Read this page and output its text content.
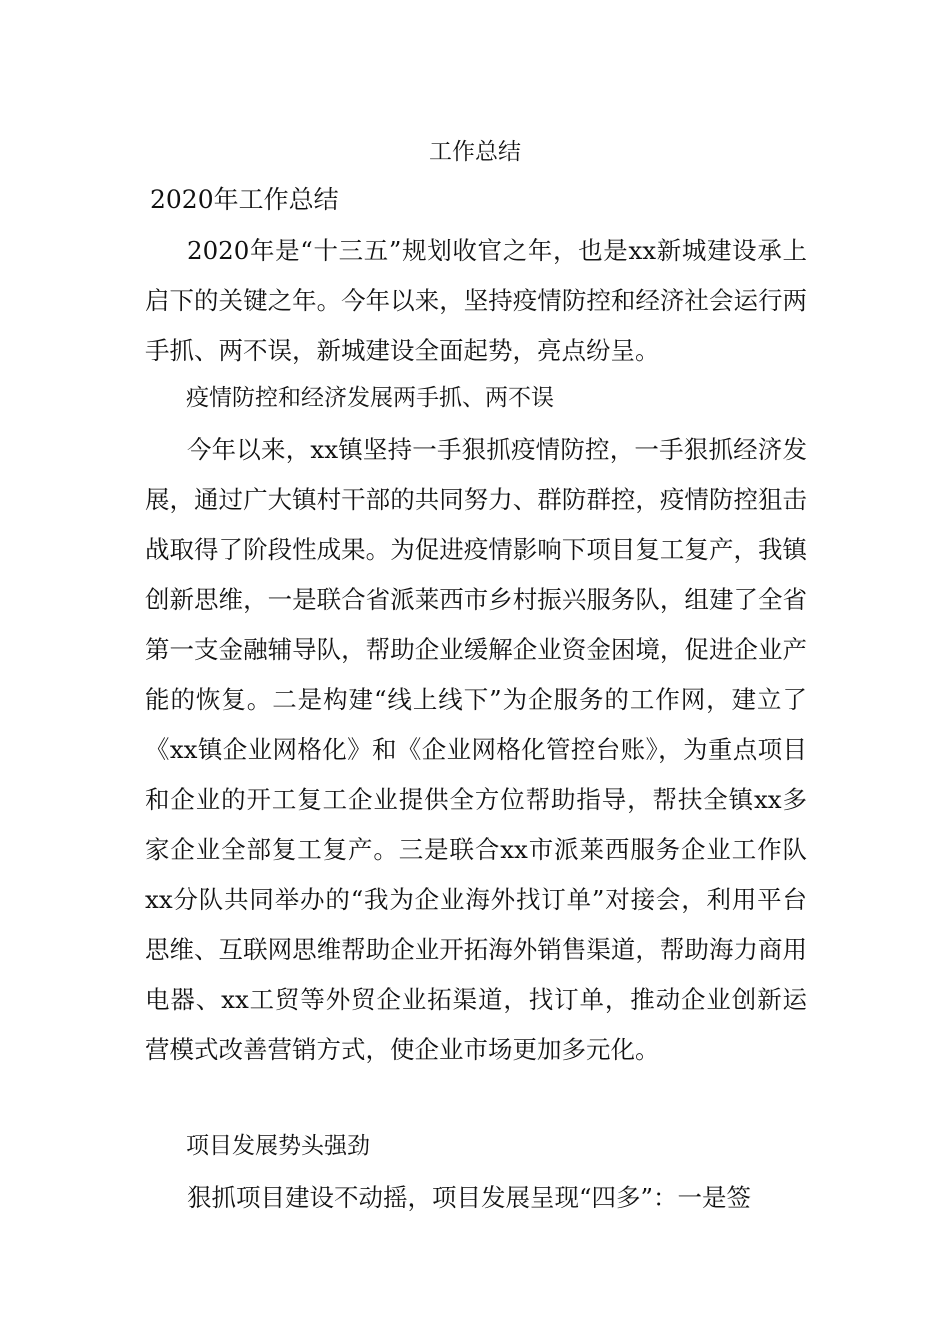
工作总结
2020年工作总结

2020年是“十三五”规划收官之年，也是xx新城建设承上启下的关键之年。今年以来，坚持疫情防控和经济社会运行两手抓、两不误，新城建设全面起势，亮点纷呈。

疫情防控和经济发展两手抓、两不误

今年以来，xx镇坚持一手狠抓疫情防控，一手狠抓经济发展，通过广大镇村干部的共同努力、群防群控，疫情防控狙击战取得了阶段性成果。为促进疫情影响下项目复工复产，我镇创新思维，一是联合省派莱西市乡村振兴服务队，组建了全省第一支金融辅导队，帮助企业缓解企业资金困境，促进企业产能的恢复。二是构建“线上线下”为企服务的工作网，建立了《xx镇企业网格化》和《企业网格化管控台账》，为重点项目和企业的开工复工企业提供全方位帮助指导，帮扶全镇xx多家企业全部复工复产。三是联合xx市派莱西服务企业工作队xx分队共同举办的“我为企业海外找订单”对接会，利用平台思维、互联网思维帮助企业开拓海外销售渠道，帮助海力商用电器、xx工贸等外贸企业拓渠道，找订单，推动企业创新运营模式改善营销方式，使企业市场更加多元化。

项目发展势头强劲

狠抓项目建设不动摇，项目发展呈现“四多”：一是签
